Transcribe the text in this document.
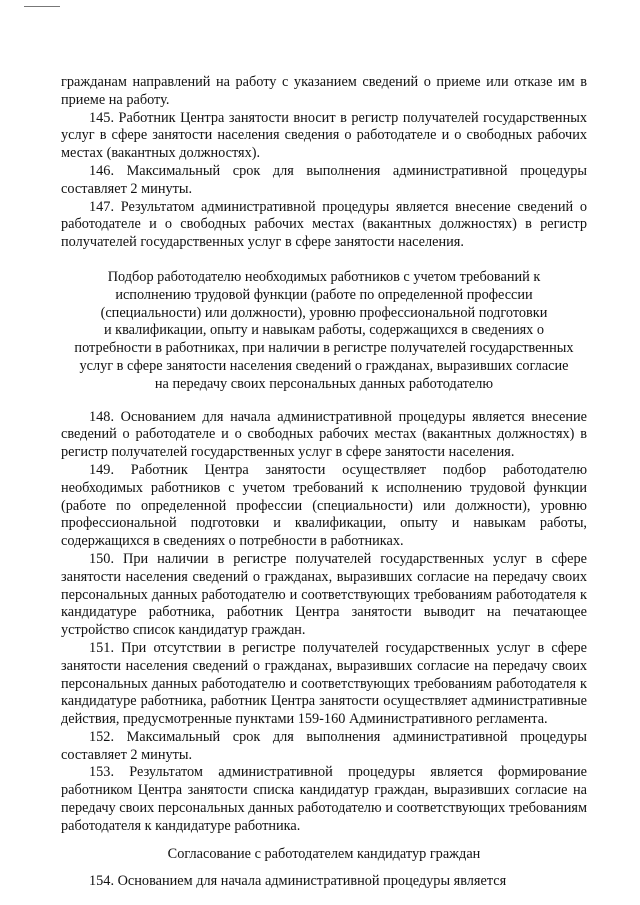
гражданам направлений на работу с указанием сведений о приеме или отказе им в приеме на работу.

145. Работник Центра занятости вносит в регистр получателей государственных услуг в сфере занятости населения сведения о работодателе и о свободных рабочих местах (вакантных должностях).

146. Максимальный срок для выполнения административной процедуры составляет 2 минуты.

147. Результатом административной процедуры является внесение сведений о работодателе и о свободных рабочих местах (вакантных должностях) в регистр получателей государственных услуг в сфере занятости населения.

Подбор работодателю необходимых работников с учетом требований к

исполнению трудовой функции (работе по определенной профессии

(специальности) или должности), уровню профессиональной подготовки

и квалификации, опыту и навыкам работы, содержащихся в сведениях о

потребности в работниках, при наличии в регистре получателей государственных

услуг в сфере занятости населения сведений о гражданах, выразивших согласие

на передачу своих персональных данных работодателю

148. Основанием для начала административной процедуры является внесение сведений о работодателе и о свободных рабочих местах (вакантных должностях) в регистр получателей государственных услуг в сфере занятости населения.

149. Работник Центра занятости осуществляет подбор работодателю необходимых работников с учетом требований к исполнению трудовой функции (работе по определенной профессии (специальности) или должности), уровню профессиональной подготовки и квалификации, опыту и навыкам работы, содержащихся в сведениях о потребности в работниках.

150. При наличии в регистре получателей государственных услуг в сфере занятости населения сведений о гражданах, выразивших согласие на передачу своих персональных данных работодателю и соответствующих требованиям работодателя к кандидатуре работника, работник Центра занятости выводит на печатающее устройство список кандидатур граждан.

151. При отсутствии в регистре получателей государственных услуг в сфере занятости населения сведений о гражданах, выразивших согласие на передачу своих персональных данных работодателю и соответствующих требованиям работодателя к кандидатуре работника, работник Центра занятости осуществляет административные действия, предусмотренные пунктами 159-160 Административного регламента.

152. Максимальный срок для выполнения административной процедуры составляет 2 минуты.

153. Результатом административной процедуры является формирование работником Центра занятости списка кандидатур граждан, выразивших согласие на передачу своих персональных данных работодателю и соответствующих требованиям работодателя к кандидатуре работника.

Согласование с работодателем кандидатур граждан

154. Основанием для начала административной процедуры является
